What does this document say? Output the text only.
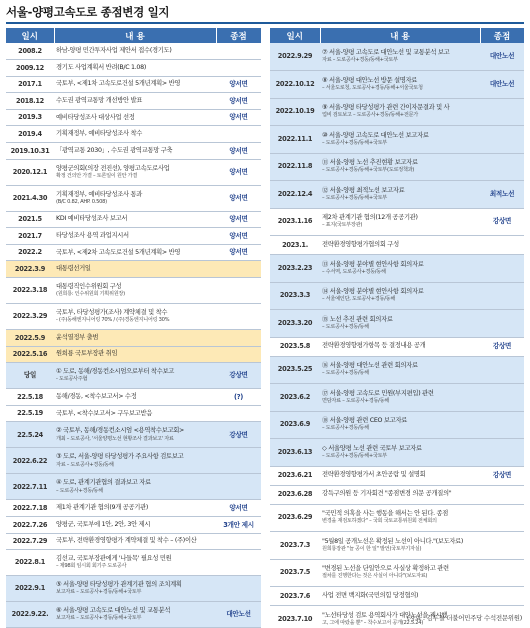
서울-양평고속도로 종점변경 일지
일시	내 용	종점
2008.2	하남-양평 민간투자사업 제안서 접수(경기도)	

2009.12	경기도 사업계획서 반려(B/C 1.08)	

2017.1	국토부, <제1차 고속도로건설 5개년계획> 반영	양서면
2018.12	수도권 광역교통망 개선방안 발표	양서면
2019.3	예비타당성조사 대상사업 선정	양서면
2019.4	기획재정부, 예비타당성조사 착수	

2019.10.31	「광역교통 2030」, 수도권 광역교통망 구축	양서면
2020.12.1	양평군의회(의장 전진선), 양평고속도로사업
확정 건의안 가결 – 토론일이 원안 가결	양서면
2021.4.30	기획재정부, 예비타당성조사 통과
(B/C 0.82, AHP. 0.508)	양서면
2021.5	KDI 예비타당성조사 보고서	양서면
2021.7	타당성조사 용역 과업지시서	양서면
2022.2	국토부, <제2차 고속도로건설 5개년계획> 반영	양서면
2022.3.9	대통령선거일	

2022.3.18	대통령직인수위원회 구성
(원희룡: 인수위원회 기획위원장)	

2022.3.29	국토부, 타당성평가(조사) 계약체결 및 착수
- (주)동해엔지니어링 70% / (주)경동엔지니어링 30%	

2022.5.9	윤석열정부 출범	

2022.5.16	원희룡 국토부장관 취임	

당일	① 도로, 동해/경동컨소시엄으로부터 착수보고
- 도로공사주협	강상면
22.5.18	동해/경동, <착수보고서> 수정	(?)
22.5.19	국토부, <착수보고서> 구두보고받음	

22.5.24	② 국토부, 동해/경동컨소시엄 <용역착수보고회>
개최 – 도로공사, '서울양평노선 현황조사 결과보고' 자료	강상면
2022.6.22	③ 도로, 서울-양평 타당성평가 주요사항 검토보고
자료 – 도로공사+경동/동해	

2022.7.11	④ 도로, 관계기관협의 결과보고 자료
– 도로공사+경동/동해	

2022.7.18	제1차 관계기관 협의(9개 공공기관)	양서면
2022.7.26	양평군, 국토부에 1안, 2안, 3안 제시	3개안 제시
2022.7.29	국토부, 전략환경영향평가 계약체결 및 착수 – (주)이산	

2022.8.1	김선교, 국토부장관에게 '나들목' 필요성 민원
– 제98회 임시회 회기주 도로공사	

2022.9.1	⑤ 서울-양평 타당성평가 관계기관 협의 조치계획
보고자료 – 도로공사+경동/동해+국토부	

2022.9.22.	⑥ 서울-양평 고속도로 대안노선 및 교통분석
보고자료 – 도로공사+경동/동해+국토부	대안노선
일시	내 용	종점
2022.9.29	⑦ 서울-양평 고속도로 대안노선 및 교통분석 보고
자료 – 도로공사+경동/동해+국토부	대안노선
2022.10.12	⑧ 서울-양평 대안노선 방문 설명자료
– 서울도로청, 도로공사+경동/동해+서울국토청	대안노선
2022.10.19	⑨ 서울-양평 타당성평가 관련 간이자문결과 및 사
업비 검토보고 – 도로공사+경동/동해+전문가	

2022.11.1	⑩ 서울-양평 고속도로 대안노선 보고자료
– 도로공사+경동/동해+국토부	

2022.11.8	⑪ 서울-양평 노선 추진현황 보고자료
– 도로공사+경동/동해+국토부(도로정책과)	

2022.12.4	⑫ 서울-양평 최적노선 보고자료
– 도로공사+경동/동해+국토부	최적노선
2023.1.16	제2차 관계기관 협의(12개 공공기관)
– 표지(국토부장관)	강상면
2023.1.	전략환경영향평가협의회 구성	

2023.2.23	⑬ 서울-양평 분야별 현안사항 회의자료
– 수서역, 도로공사+경동/동해	

2023.3.3	⑭ 서울-양평 분야별 현안사항 회의자료
– 서울예인단, 도로공사+경동/동해	

2023.3.20	⑮ 노선 추진 관련 회의자료
– 도로공사+경동/동해	

2023.5.8	전략환경영향평가항목 등 결정내용 공개	강상면
2023.5.25	⑯ 서울-양평 대안노선 관련 회의자료
– 도로공사+경동/동해	

2023.6.2	⑰ 서울-양평 고속도로 민원(부지편입) 관련
면담자료 – 도로공사+경동/동해	

2023.6.9	⑱ 서울-양평 관련 CEO 보고자료
– 도로공사+경동/동해	

2023.6.13	◇ 서울양평 노선 관련 국토부 보고자료
– 도로공사+경동/동해+국토부	

2023.6.21	전략환경영향평가서 초안공람 및 설명회	강상면
2023.6.28	강득구의원 등 기자회견 "종점변경 의문 공개질의"	

2023.6.29	"국민적 의혹을 사는 행동을 해서는 안 된다. 종점
변경을 재검토하겠다" – 국회 국토교통위원회 전체회의	

2023.7.3	"5월8일 공개노선은 확정된 노선이 아니다."(보도자료)
원희룡장관 "늘 공이 한 일" 발언(국토부기자실)	

2023.7.5	"변경된 노선을 단일안으로 사실상 확정하고 관련
절차를 진행한다는 것은 사실이 아니다"(보도자료)	

2023.7.6	사업 전면 백지화(국민의힘 당정협의)	

2023.7.10	"노선타당성 검토 용역회사가 대안노선을 제시했
고, 그에 따랐을 뿐" – 착수보고서 공개(22.5.24)	

(자료 : 김두철 더불어민주당 수석전문위원)
